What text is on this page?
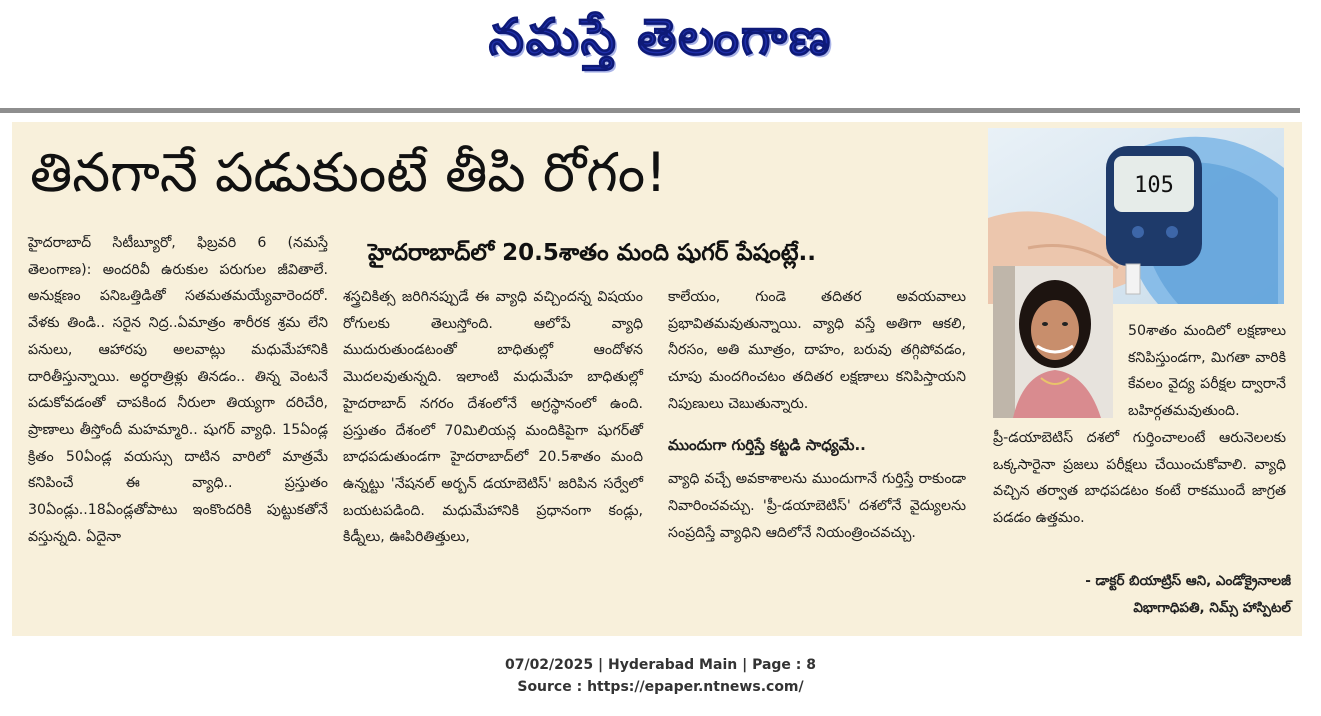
నమస్తే తెలంగాణ
తినగానే పడుకుంటే తీపి రోగం!	105
హైదరాబాద్‌లో 20.5శాతం మంది షుగర్ పేషంట్లే..

హైదరాబాద్ సిటీబ్యూరో, ఫిబ్రవరి 6 (నమస్తే తెలంగాణ): అందరివీ ఉరుకుల పరుగుల జీవితాలే. అనుక్షణం పనిఒత్తిడితో సతమతమయ్యేవారెందరో. వేళకు తిండి.. సరైన నిద్ర..ఏమాత్రం శారీరక శ్రమ లేని పనులు, ఆహారపు అలవాట్లు మధుమేహానికి దారితీస్తున్నాయి. అర్ధరాత్రిళ్లు తినడం.. తిన్న వెంటనే పడుకోవడంతో చాపకింద నీరులా తియ్యగా దరిచేరి, ప్రాణాలు తీస్తోందీ మహమ్మారి.. షుగర్ వ్యాధి. 15ఏండ్ల క్రితం 50ఏండ్ల వయస్సు దాటిన వారిలో మాత్రమే కనిపించే ఈ వ్యాధి.. ప్రస్తుతం 30ఏండ్లు..18ఏండ్లతోపాటు ఇంకొందరికి పుట్టుకతోనే వస్తున్నది. ఏదైనా

శస్త్రచికిత్స జరిగినప్పుడే ఈ వ్యాధి వచ్చిందన్న విషయం రోగులకు తెలుస్తోంది. ఆలోపే వ్యాధి ముదురుతుండటంతో బాధితుల్లో ఆందోళన మొదలవుతున్నది. ఇలాంటి మధుమేహ బాధితుల్లో హైదరాబాద్ నగరం దేశంలోనే అగ్రస్థానంలో ఉంది. ప్రస్తుతం దేశంలో 70మిలియన్ల మందికిపైగా షుగర్‌తో బాధపడుతుండగా హైదరాబాద్‌లో 20.5శాతం మంది ఉన్నట్టు 'నేషనల్ అర్బన్ డయాబెటిస్' జరిపిన సర్వేలో బయటపడింది. మధుమేహానికి ప్రధానంగా కండ్లు, కిడ్నీలు, ఊపిరితిత్తులు,

కాలేయం, గుండె తదితర అవయవాలు ప్రభావితమవుతున్నాయి. వ్యాధి వస్తే అతిగా ఆకలి, నీరసం, అతి మూత్రం, దాహం, బరువు తగ్గిపోవడం, చూపు మందగించటం తదితర లక్షణాలు కనిపిస్తాయని నిపుణులు చెబుతున్నారు.

ముందుగా గుర్తిస్తే కట్టడి సాధ్యమే..

వ్యాధి వచ్చే అవకాశాలను ముందుగానే గుర్తిస్తే రాకుండా నివారించవచ్చు. 'ప్రీ-డయాబెటిస్' దశలోనే వైద్యులను సంప్రదిస్తే వ్యాధిని ఆదిలోనే నియంత్రించవచ్చు.

50శాతం మందిలో లక్షణాలు కనిపిస్తుండగా, మిగతా వారికి కేవలం వైద్య పరీక్షల ద్వారానే బహిర్గతమవుతుంది.

ప్రీ-డయాబెటిస్ దశలో గుర్తించాలంటే ఆరునెలలకు ఒక్కసారైనా ప్రజలు పరీక్షలు చేయించుకోవాలి. వ్యాధి వచ్చిన తర్వాత బాధపడటం కంటే రాకముందే జాగ్రత పడడం ఉత్తమం.

- డాక్టర్ బియాట్రిస్ ఆని, ఎండోక్రైనాలజీ
విభాగాధిపతి, నిమ్స్ హాస్పిటల్
07/02/2025 | Hyderabad Main | Page : 8
Source : https://epaper.ntnews.com/
